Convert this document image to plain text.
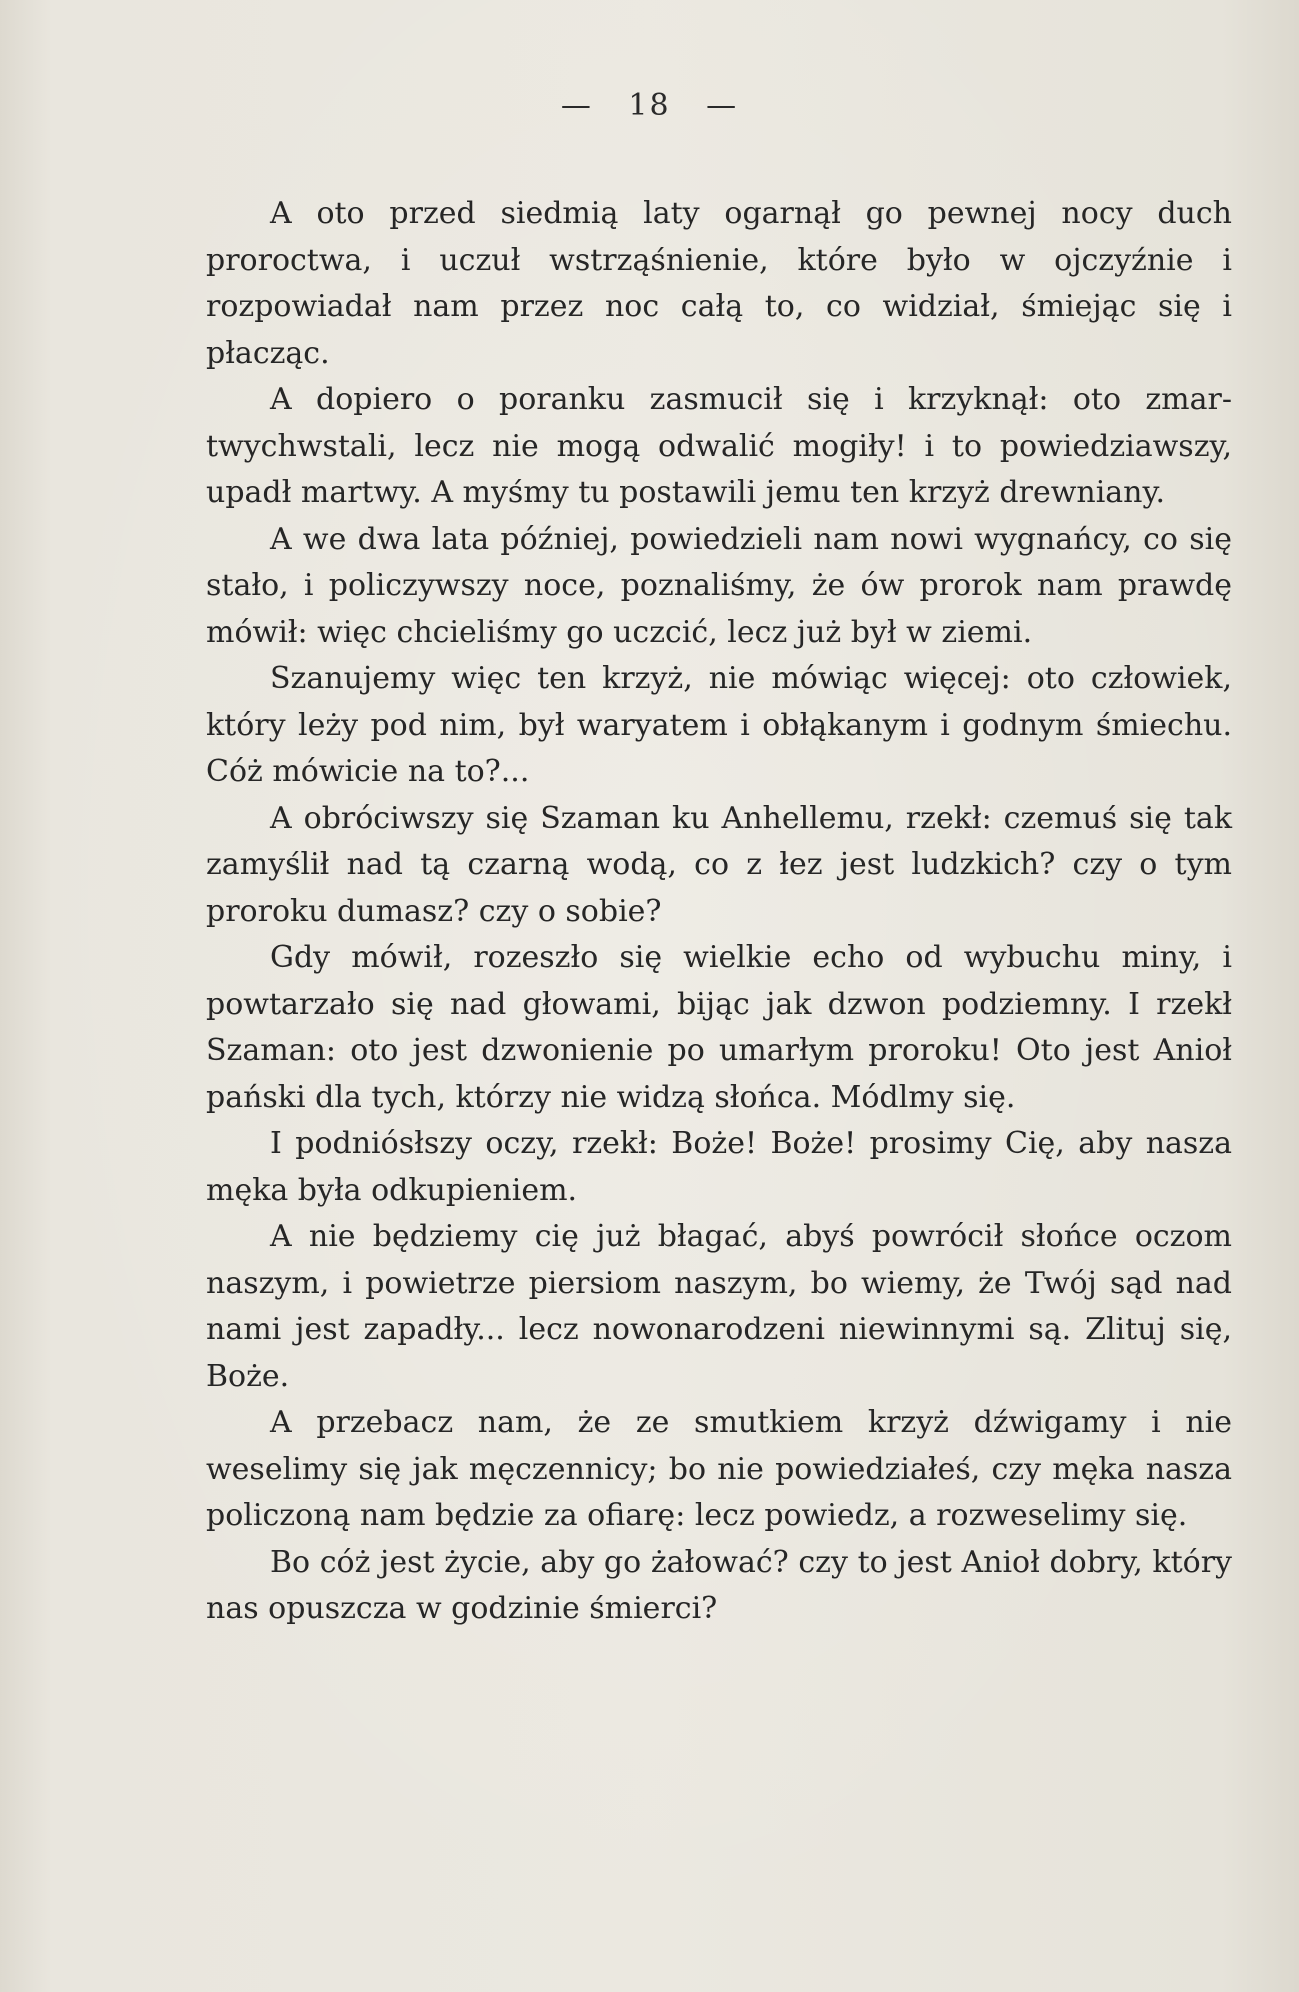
— 18 —

A oto przed siedmią laty ogarnął go pewnej nocy duch proroctwa, i uczuł wstrząśnienie, które było w ojczyźnie i rozpowiadał nam przez noc całą to, co widział, śmiejąc się i płacząc.

A dopiero o poranku zasmucił się i krzyknął: oto zmartwychwstali, lecz nie mogą odwalić mogiły! i to powiedziawszy, upadł martwy. A myśmy tu postawili jemu ten krzyż drewniany.

A we dwa lata później, powiedzieli nam nowi wygnańcy, co się stało, i policzywszy noce, poznaliśmy, że ów prorok nam prawdę mówił: więc chcieliśmy go uczcić, lecz już był w ziemi.

Szanujemy więc ten krzyż, nie mówiąc więcej: oto człowiek, który leży pod nim, był waryatem i obłąkanym i godnym śmiechu. Cóż mówicie na to?...

A obróciwszy się Szaman ku Anhellemu, rzekł: czemuś się tak zamyślił nad tą czarną wodą, co z łez jest ludzkich? czy o tym proroku dumasz? czy o sobie?

Gdy mówił, rozeszło się wielkie echo od wybuchu miny, i powtarzało się nad głowami, bijąc jak dzwon podziemny. I rzekł Szaman: oto jest dzwonienie po umarłym proroku! Oto jest Anioł pański dla tych, którzy nie widzą słońca. Módlmy się.

I podniósłszy oczy, rzekł: Boże! Boże! prosimy Cię, aby nasza męka była odkupieniem.

A nie będziemy cię już błagać, abyś powrócił słońce oczom naszym, i powietrze piersiom naszym, bo wiemy, że Twój sąd nad nami jest zapadły... lecz nowonarodzeni niewinnymi są. Zlituj się, Boże.

A przebacz nam, że ze smutkiem krzyż dźwigamy i nie weselimy się jak męczennicy; bo nie powiedziałeś, czy męka nasza policzoną nam będzie za ofiarę: lecz powiedz, a rozweselimy się.

Bo cóż jest życie, aby go żałować? czy to jest Anioł dobry, który nas opuszcza w godzinie śmierci?
